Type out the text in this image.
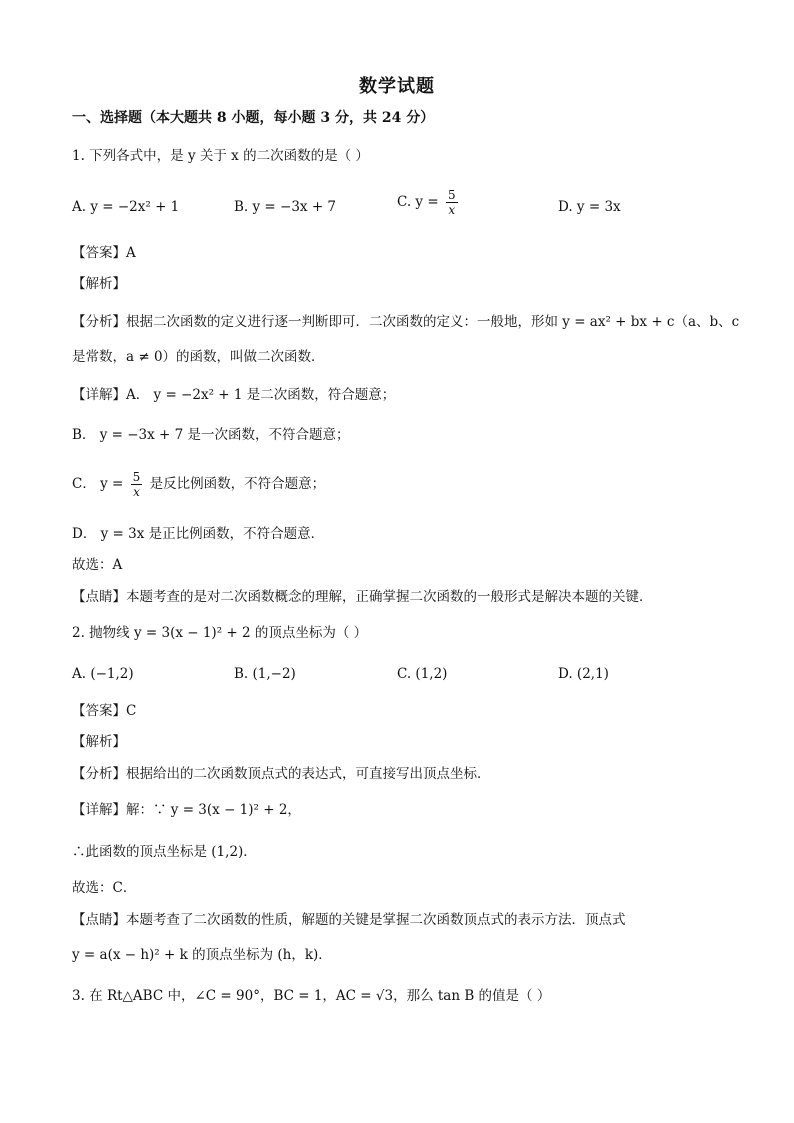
数学试题
一、选择题（本大题共 8 小题，每小题 3 分，共 24 分）
1. 下列各式中，是 y 关于 x 的二次函数的是（ ）
A. y = −2x² + 1	B. y = −3x + 7	C. $y = \frac{5}{x}$	D. y = 3x
【答案】A
【解析】
【分析】根据二次函数的定义进行逐一判断即可．二次函数的定义：一般地，形如 y = ax² + bx + c（a、b、c
是常数，a ≠ 0）的函数，叫做二次函数．
【详解】A． y = −2x² + 1 是二次函数，符合题意；
B． y = −3x + 7 是一次函数，不符合题意；
C． $y = \frac{5}{x}$ 是反比例函数，不符合题意；
D． y = 3x 是正比例函数，不符合题意．
故选：A
【点睛】本题考查的是对二次函数概念的理解，正确掌握二次函数的一般形式是解决本题的关键．
2. 抛物线 y = 3(x − 1)² + 2 的顶点坐标为（ ）
A. (−1,2)	B. (1,−2)	C. (1,2)	D. (2,1)
【答案】C
【解析】
【分析】根据给出的二次函数顶点式的表达式，可直接写出顶点坐标．
【详解】解：∵ y = 3(x − 1)² + 2，
∴此函数的顶点坐标是 (1,2)．
故选：C．
【点睛】本题考查了二次函数的性质，解题的关键是掌握二次函数顶点式的表示方法．顶点式
y = a(x − h)² + k 的顶点坐标为 (h，k)．
3. 在 Rt△ABC 中，∠C = 90°，BC = 1，AC = √3，那么 tan B 的值是（ ）
